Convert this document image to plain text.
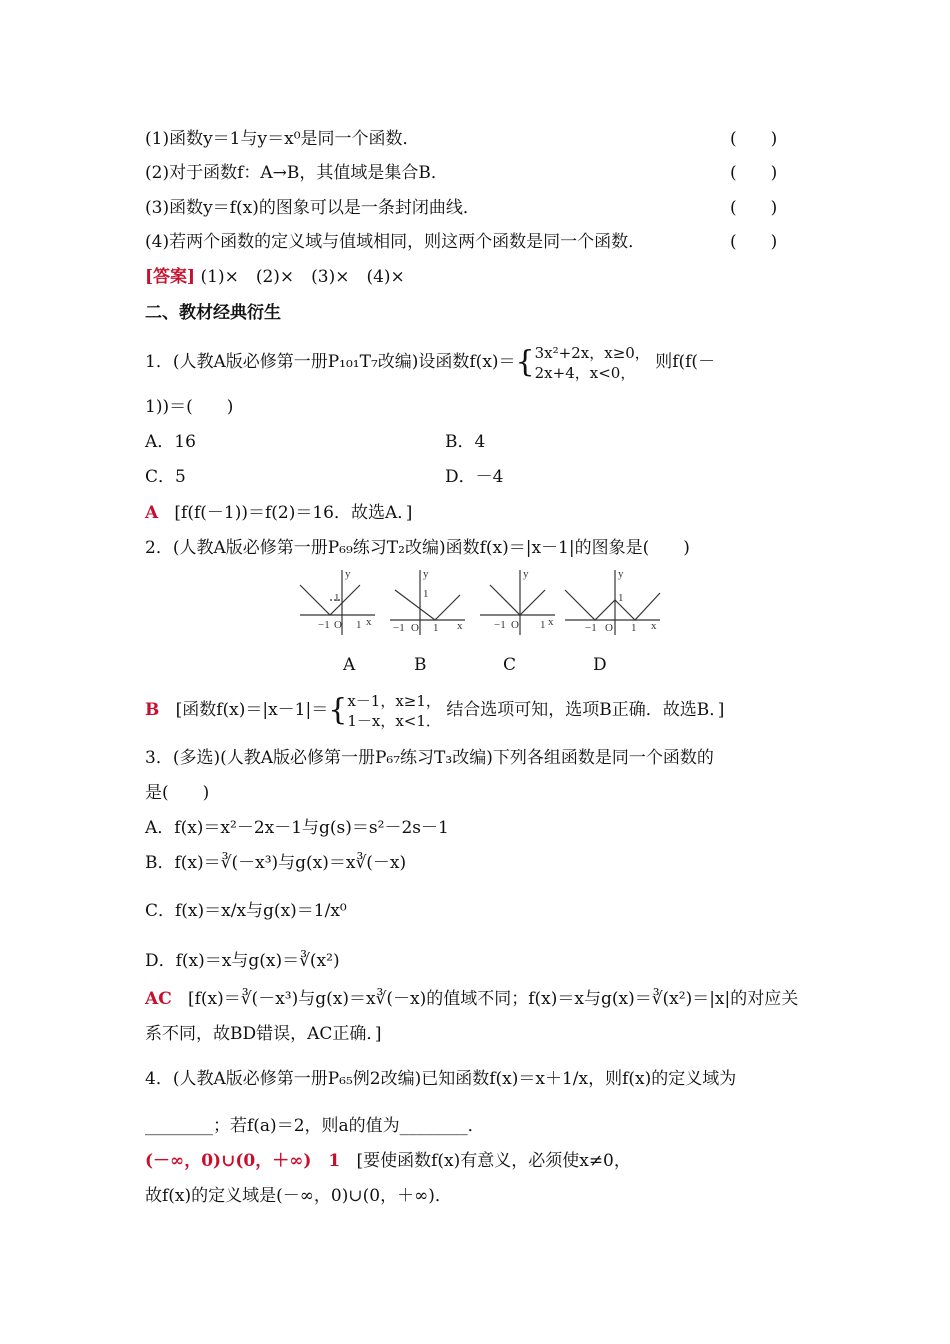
(1)函数y＝1与y＝x⁰是同一个函数．	(　　)
(2)对于函数f：A→B，其值域是集合B．	(　　)
(3)函数y＝f(x)的图象可以是一条封闭曲线．	(　　)
(4)若两个函数的定义域与值域相同，则这两个函数是同一个函数．	(　　)
[答案] (1)×　(2)×　(3)×　(4)×
二、教材经典衍生
1．(人教A版必修第一册P₁₀₁T₇改编)设函数f(x)＝{3x²+2x，x≥0，
2x+4，x<0， 则f(f(－
1))＝(　　)
A．16	B．4
C．5	D．－4
A [f(f(－1))＝f(2)＝16．故选A．]
2．(人教A版必修第一册P₆₉练习T₂改编)函数f(x)＝|x－1|的图象是(　　)
−1 O 1 x
y
1
−1 O 1 x
y
1
−1 O 1 x
y
−1 O 1 x
y
1
A	B	C	D
B [函数f(x)＝|x－1|＝{x－1，x≥1，
1－x，x<1． 结合选项可知，选项B正确．故选B．]
3．(多选)(人教A版必修第一册P₆₇练习T₃改编)下列各组函数是同一个函数的
是(　　)
A．f(x)＝x²－2x－1与g(s)＝s²－2s－1
B．f(x)＝∛(－x³)与g(x)＝x∛(－x)
C．f(x)＝x/x与g(x)＝1/x⁰
D．f(x)＝x与g(x)＝∛(x²)
AC [f(x)＝∛(－x³)与g(x)＝x∛(－x)的值域不同；f(x)＝x与g(x)＝∛(x²)＝|x|的对应关
系不同，故BD错误，AC正确．]
4．(人教A版必修第一册P₆₅例2改编)已知函数f(x)＝x＋1/x，则f(x)的定义域为
________；若f(a)＝2，则a的值为________．
(－∞，0)∪(0，＋∞)　1 [要使函数f(x)有意义，必须使x≠0，
故f(x)的定义域是(－∞，0)∪(0，＋∞)．
